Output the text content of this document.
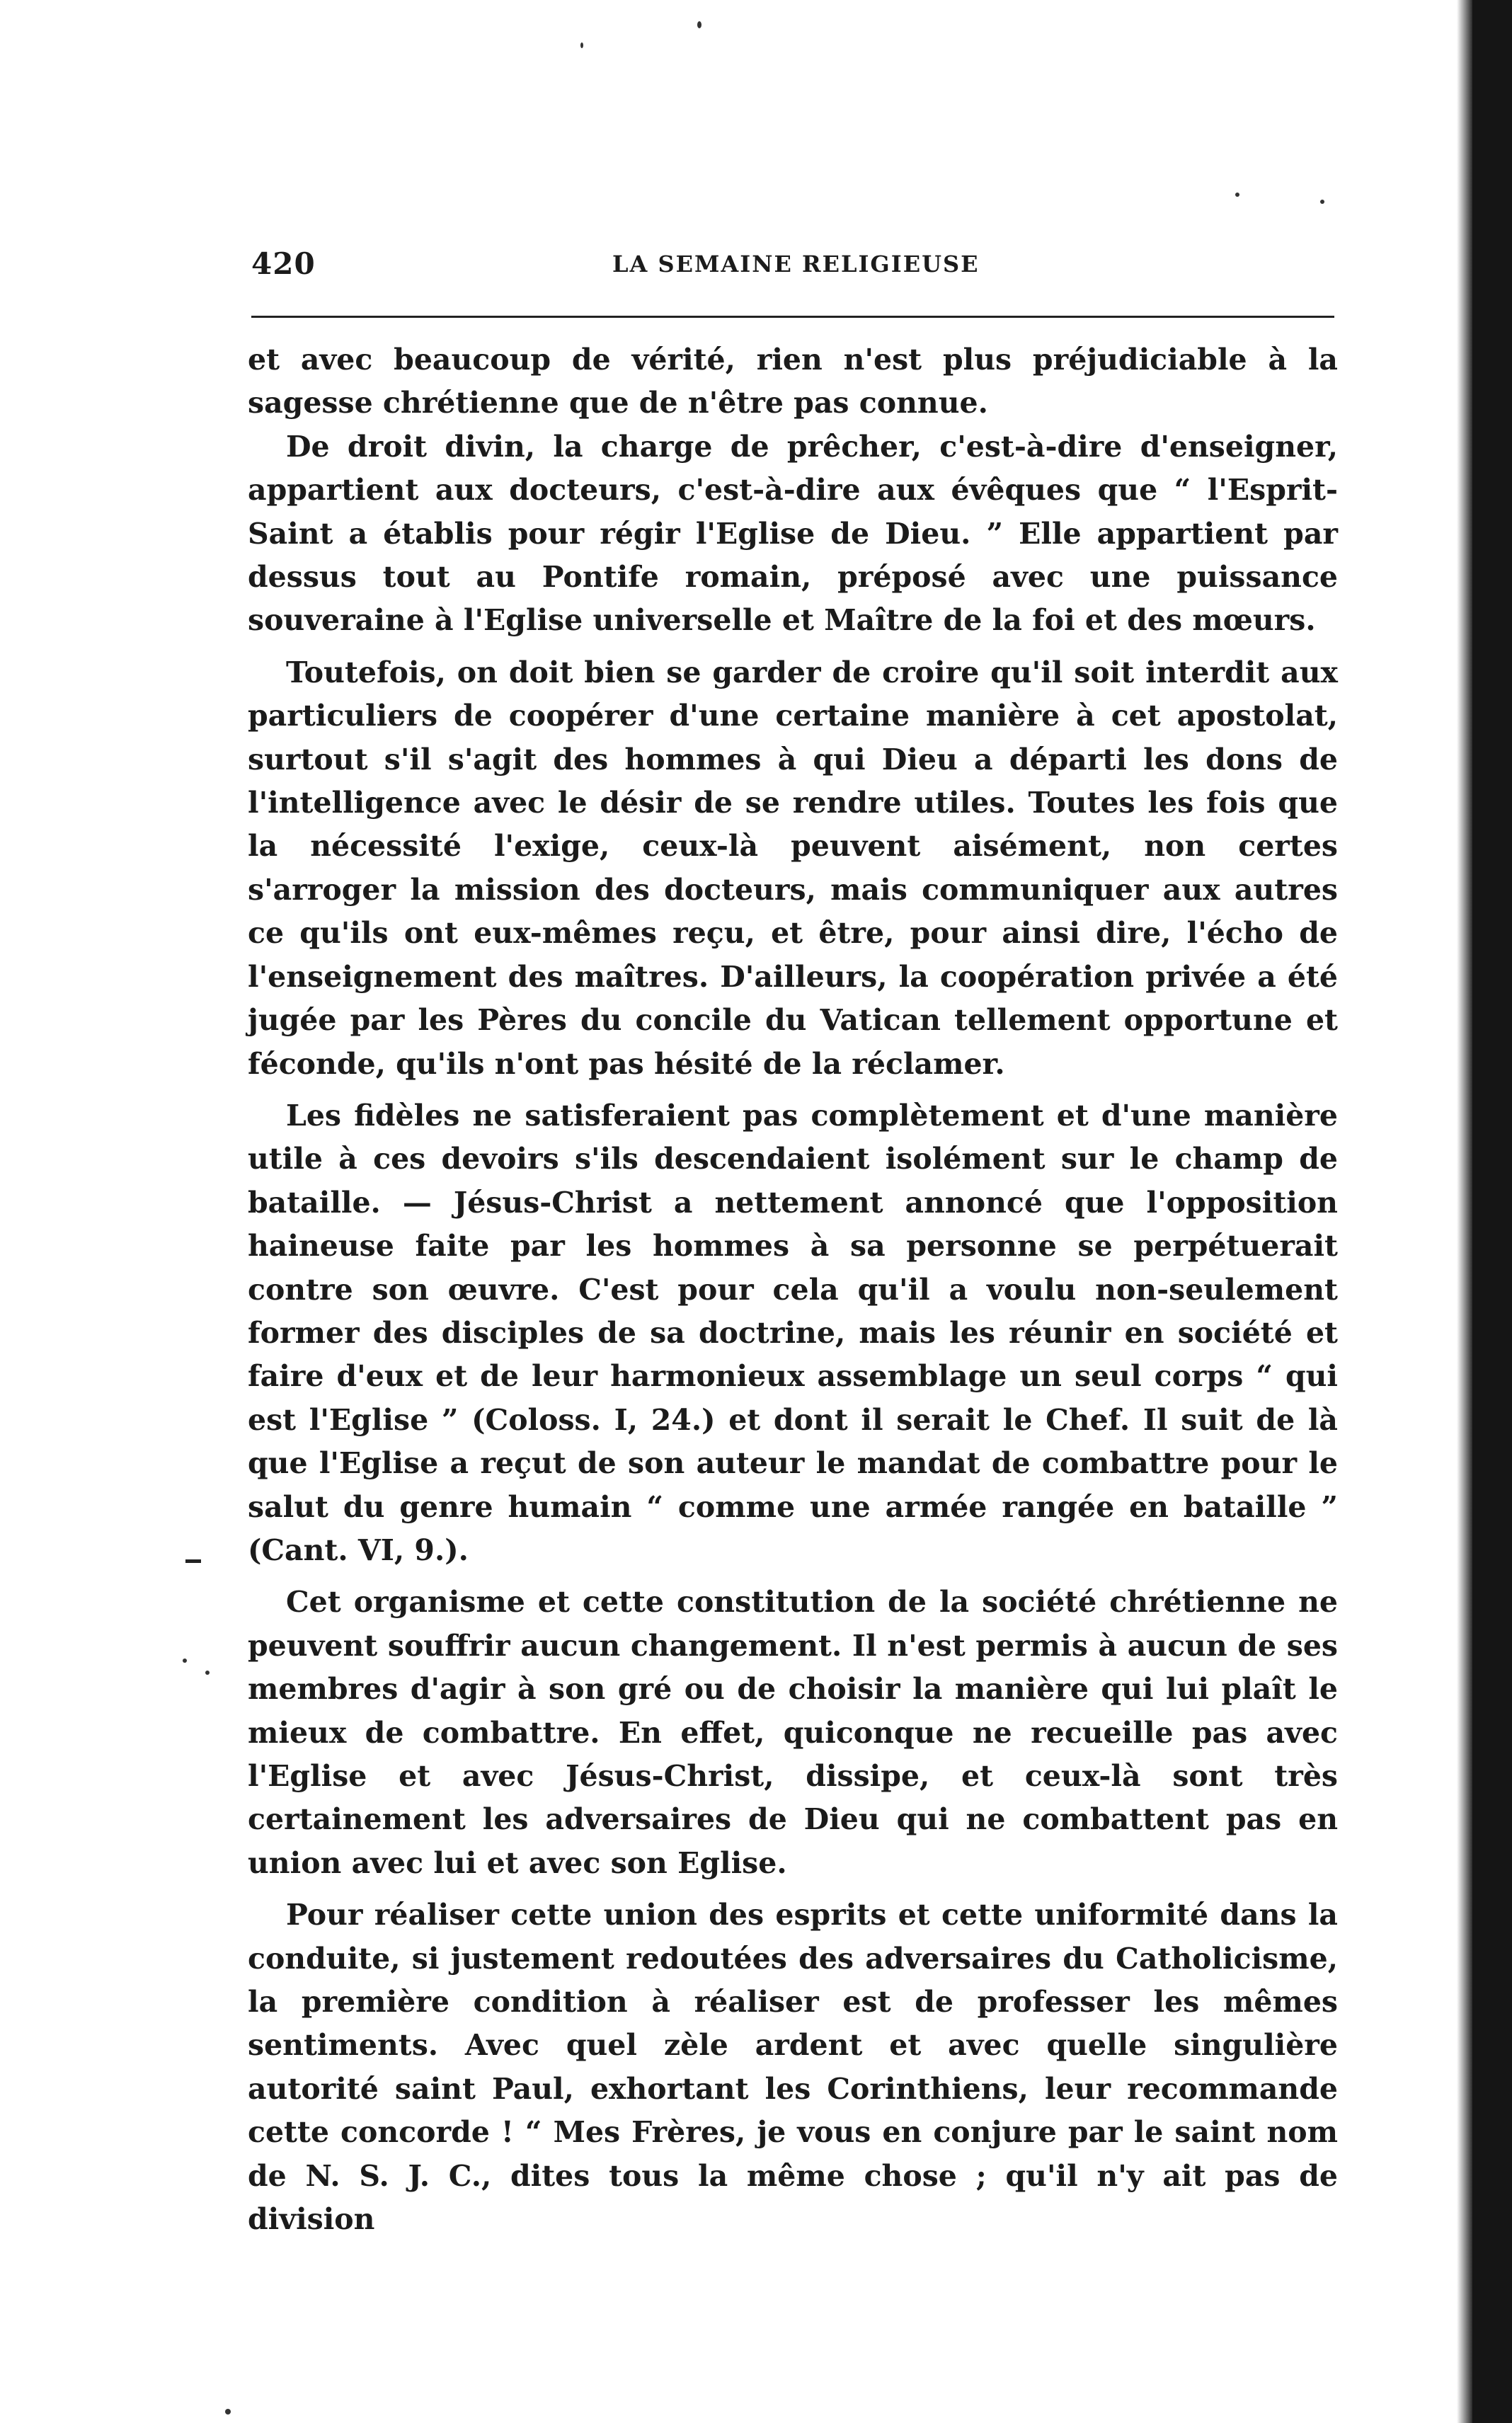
420	LA SEMAINE RELIGIEUSE

et avec beaucoup de vérité, rien n'est plus préjudiciable à la sagesse chrétienne que de n'être pas connue.

De droit divin, la charge de prêcher, c'est-à-dire d'enseigner, appartient aux docteurs, c'est-à-dire aux évêques que “ l'Esprit-Saint a établis pour régir l'Eglise de Dieu. ” Elle appartient par dessus tout au Pontife romain, préposé avec une puissance souveraine à l'Eglise universelle et Maître de la foi et des mœurs.

Toutefois, on doit bien se garder de croire qu'il soit interdit aux particuliers de coopérer d'une certaine manière à cet apostolat, surtout s'il s'agit des hommes à qui Dieu a départi les dons de l'intelligence avec le désir de se rendre utiles. Toutes les fois que la nécessité l'exige, ceux-là peuvent aisément, non certes s'arroger la mission des docteurs, mais communiquer aux autres ce qu'ils ont eux-mêmes reçu, et être, pour ainsi dire, l'écho de l'enseignement des maîtres. D'ailleurs, la coopération privée a été jugée par les Pères du concile du Vatican tellement opportune et féconde, qu'ils n'ont pas hésité de la réclamer.

Les fidèles ne satisferaient pas complètement et d'une manière utile à ces devoirs s'ils descendaient isolément sur le champ de bataille. — Jésus-Christ a nettement annoncé que l'opposition haineuse faite par les hommes à sa personne se perpétuerait contre son œuvre. C'est pour cela qu'il a voulu non-seulement former des disciples de sa doctrine, mais les réunir en société et faire d'eux et de leur harmonieux assemblage un seul corps “ qui est l'Eglise ” (Coloss. I, 24.) et dont il serait le Chef. Il suit de là que l'Eglise a reçut de son auteur le mandat de combattre pour le salut du genre humain “ comme une armée rangée en bataille ” (Cant. VI, 9.).

Cet organisme et cette constitution de la société chrétienne ne peuvent souffrir aucun changement. Il n'est permis à aucun de ses membres d'agir à son gré ou de choisir la manière qui lui plaît le mieux de combattre. En effet, quiconque ne recueille pas avec l'Eglise et avec Jésus-Christ, dissipe, et ceux-là sont très certainement les adversaires de Dieu qui ne combattent pas en union avec lui et avec son Eglise.

Pour réaliser cette union des esprits et cette uniformité dans la conduite, si justement redoutées des adversaires du Catholicisme, la première condition à réaliser est de professer les mêmes sentiments. Avec quel zèle ardent et avec quelle singulière autorité saint Paul, exhortant les Corinthiens, leur recommande cette concorde ! “ Mes Frères, je vous en conjure par le saint nom de N. S. J. C., dites tous la même chose ; qu'il n'y ait pas de division
